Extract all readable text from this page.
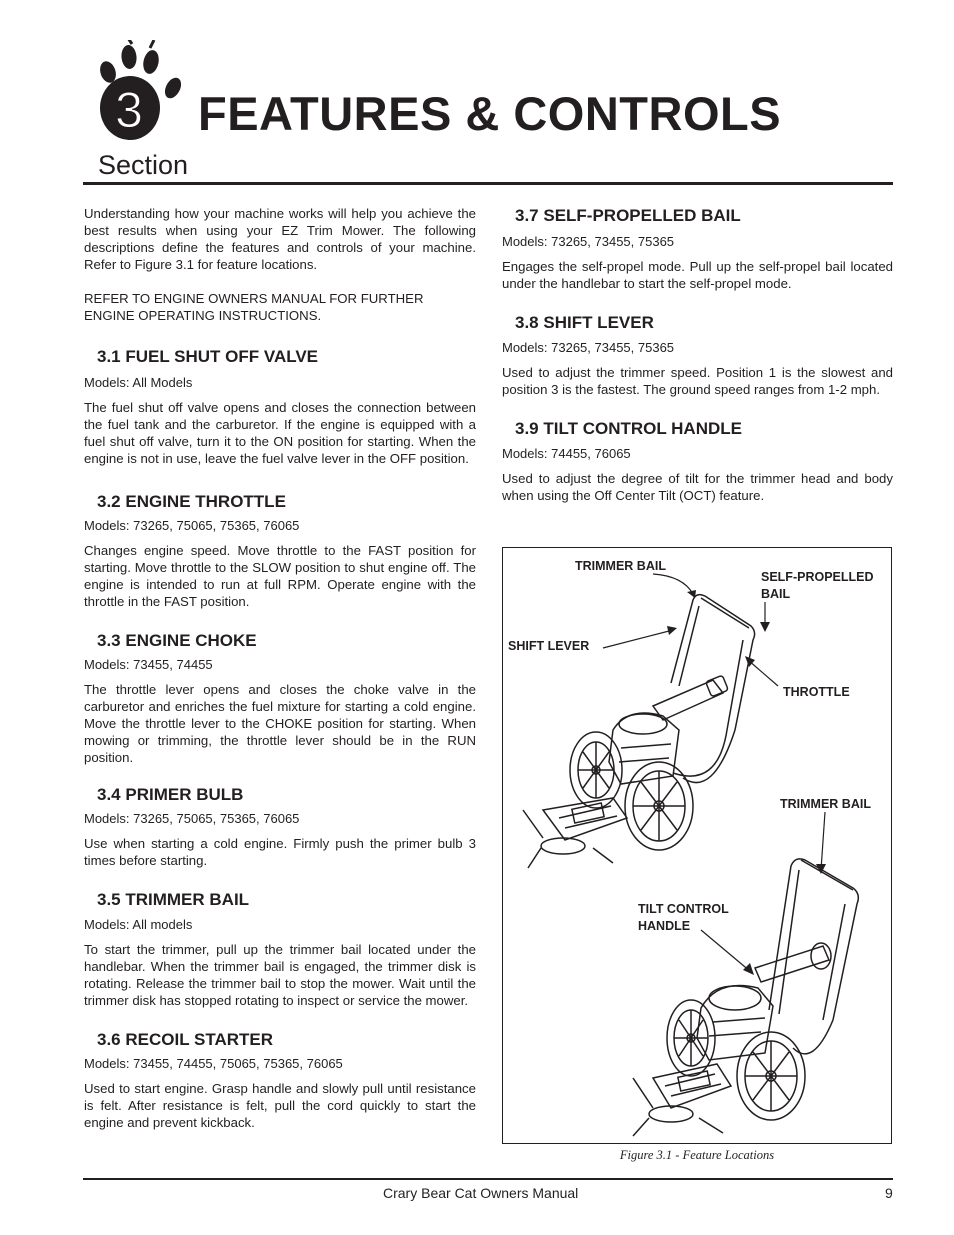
3 FEATURES & CONTROLS
Section

Understanding how your machine works will help you achieve the best results when using your EZ Trim Mower. The following descriptions define the features and controls of your machine. Refer to Figure 3.1 for feature locations.

REFER TO ENGINE OWNERS MANUAL FOR FURTHER ENGINE OPERATING INSTRUCTIONS.

3.1 FUEL SHUT OFF VALVE

Models: All Models

The fuel shut off valve opens and closes the connection between the fuel tank and the carburetor. If the engine is equipped with a fuel shut off valve, turn it to the ON position for starting. When the engine is not in use, leave the fuel valve lever in the OFF position.

3.2 ENGINE THROTTLE

Models: 73265, 75065, 75365, 76065

Changes engine speed. Move throttle to the FAST position for starting. Move throttle to the SLOW position to shut engine off. The engine is intended to run at full RPM. Operate engine with the throttle in the FAST position.

3.3 ENGINE CHOKE

Models: 73455, 74455

The throttle lever opens and closes the choke valve in the carburetor and enriches the fuel mixture for starting a cold engine. Move the throttle lever to the CHOKE position for starting. When mowing or trimming, the throttle lever should be in the RUN position.

3.4 PRIMER BULB

Models: 73265, 75065, 75365, 76065

Use when starting a cold engine. Firmly push the primer bulb 3 times before starting.

3.5 TRIMMER BAIL

Models: All models

To start the trimmer, pull up the trimmer bail located under the handlebar. When the trimmer bail is engaged, the trimmer disk is rotating. Release the trimmer bail to stop the mower. Wait until the trimmer disk has stopped rotating to inspect or service the mower.

3.6 RECOIL STARTER

Models: 73455, 74455, 75065, 75365, 76065

Used to start engine. Grasp handle and slowly pull until resistance is felt. After resistance is felt, pull the cord quickly to start the engine and prevent kickback.

3.7 SELF-PROPELLED BAIL

Models: 73265, 73455, 75365

Engages the self-propel mode. Pull up the self-propel bail located under the handlebar to start the self-propel mode.

3.8 SHIFT LEVER

Models: 73265, 73455, 75365

Used to adjust the trimmer speed. Position 1 is the slowest and position 3 is the fastest. The ground speed ranges from 1-2 mph.

3.9 TILT CONTROL HANDLE

Models: 74455, 76065

Used to adjust the degree of tilt for the trimmer head and body when using the Off Center Tilt (OCT) feature.

TRIMMER BAIL
SELF-PROPELLED
BAIL
SHIFT LEVER
THROTTLE
TRIMMER BAIL
TILT CONTROL
HANDLE
Figure 3.1 - Feature Locations
Crary Bear Cat Owners Manual	9
